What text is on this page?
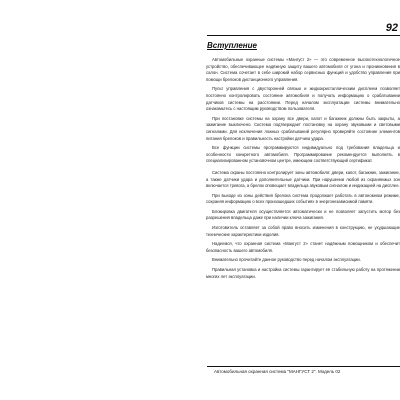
92
Вступление

Автомобильные охранные системы «Мангуст 2» — это современное высокотехнологичное устройство, обеспечивающее надёжную защиту вашего автомобиля от угона и проникновения в салон. Система сочетает в себе широкий набор сервисных функций и удобство управления при помощи брелоков дистанционного управления.

Пульт управления с двусторонней связью и жидкокристаллическим дисплеем позволяет постоянно контролировать состояние автомобиля и получать информацию о срабатывании датчиков системы на расстоянии. Перед началом эксплуатации системы внимательно ознакомьтесь с настоящим руководством пользователя.

При постановке системы на охрану все двери, капот и багажник должны быть закрыты, а зажигание выключено. Система подтверждает постановку на охрану звуковыми и световыми сигналами. Для исключения ложных срабатываний регулярно проверяйте состояние элементов питания брелоков и правильность настройки датчика удара.

Все функции системы программируются индивидуально под требования владельца и особенности конкретного автомобиля. Программирование рекомендуется выполнять в специализированном установочном центре, имеющем соответствующий сертификат.

Система охраны постоянно контролирует зоны автомобиля: двери, капот, багажник, зажигание, а также датчики удара и дополнительные датчики. При нарушении любой из охраняемых зон включается тревога, а брелок оповещает владельца звуковым сигналом и индикацией на дисплее.

При выходе из зоны действия брелока система продолжает работать в автономном режиме, сохраняя информацию о всех произошедших событиях в энергонезависимой памяти.

Блокировка двигателя осуществляется автоматически и не позволяет запустить мотор без разрешения владельца даже при наличии ключа зажигания.

Изготовитель оставляет за собой право вносить изменения в конструкцию, не ухудшающие технические характеристики изделия.

Надеемся, что охранная система «Мангуст 2» станет надёжным помощником и обеспечит безопасность вашего автомобиля.

Внимательно прочитайте данное руководство перед началом эксплуатации.

Правильная установка и настройка системы гарантирует её стабильную работу на протяжении многих лет эксплуатации.

Автомобильная охранная система "МАНГУСТ 2". Модель 02
